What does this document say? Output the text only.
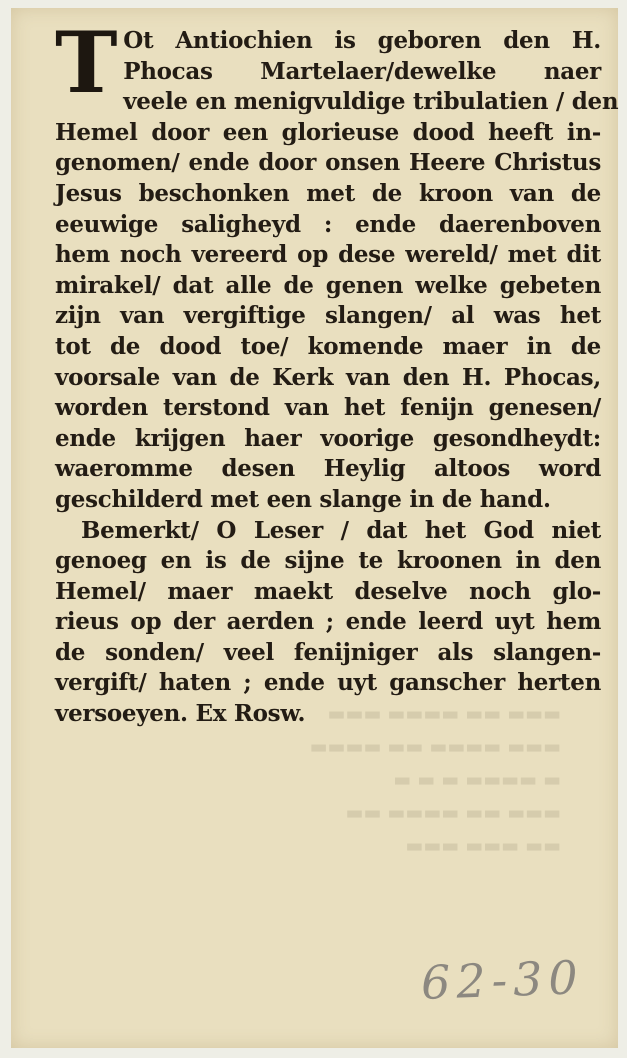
▬▬▬ ▬▬ ▬▬▬▬ ▬▬▬
▬▬▬ ▬▬▬▬ ▬▬ ▬▬▬▬
▬ ▬▬▬▬ ▬ ▬ ▬
▬▬▬ ▬▬ ▬▬▬▬ ▬▬
▬▬ ▬▬▬ ▬▬▬
T Ot Antiochien is geboren den H.
Phocas Martelaer/dewelke naer
veele en menigvuldige tribulatien / den
Hemel door een glorieuse dood heeft in-
genomen/ ende door onsen Heere Christus
Jesus beschonken met de kroon van de
eeuwige saligheyd : ende daerenboven
hem noch vereerd op dese wereld/ met dit
mirakel/ dat alle de genen welke gebeten
zijn van vergiftige slangen/ al was het
tot de dood toe/ komende maer in de
voorsale van de Kerk van den H. Phocas,
worden terstond van het fenijn genesen/
ende krijgen haer voorige gesondheydt:
waeromme desen Heylig altoos word
geschilderd met een slange in de hand.
Bemerkt/ O Leser / dat het God niet
genoeg en is de sijne te kroonen in den
Hemel/ maer maekt deselve noch glo-
rieus op der aerden ; ende leerd uyt hem
de sonden/ veel fenijniger als slangen-
vergift/ haten ; ende uyt ganscher herten
versoeyen. Ex Rosw.
62-30
